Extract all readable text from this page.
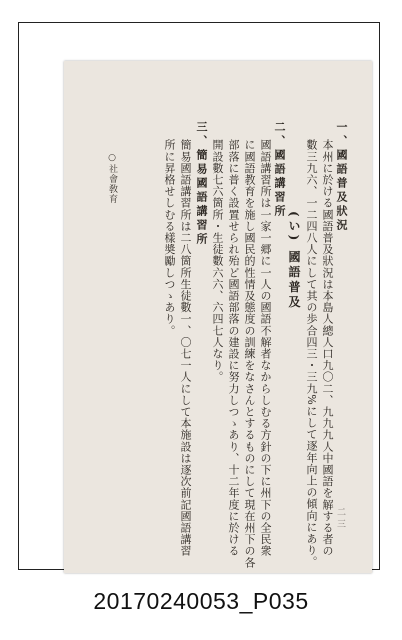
一、國語普及狀況
本州に於ける國語普及狀況は本島人總人口九〇二、九九九人中國語を解する者の
數三九六、一二四八人にして其の歩合四三・三九%にして逐年向上の傾向にあり。
(い) 國語普及
二、國語講習所
國語講習所は一家一郷に一人の國語不解者なからしむる方針の下に州下の全民衆
に國語教育を施し國民的性情及態度の訓練をなさんとするものにして現在州下の各
部落に普く設置せられ殆ど國語部落の建設に努力しつゝあり、十二年度に於ける
開設數七六箇所・生徒數六六、六四七人なり。
三、簡易國語講習所
簡易國語講習所は二八箇所生徒數一、〇七一人にして本施設は逐次前記國語講習
所に昇格せしむる樣奬勵しつゝあり。
○社會敎育
二三
20170240053_P035
